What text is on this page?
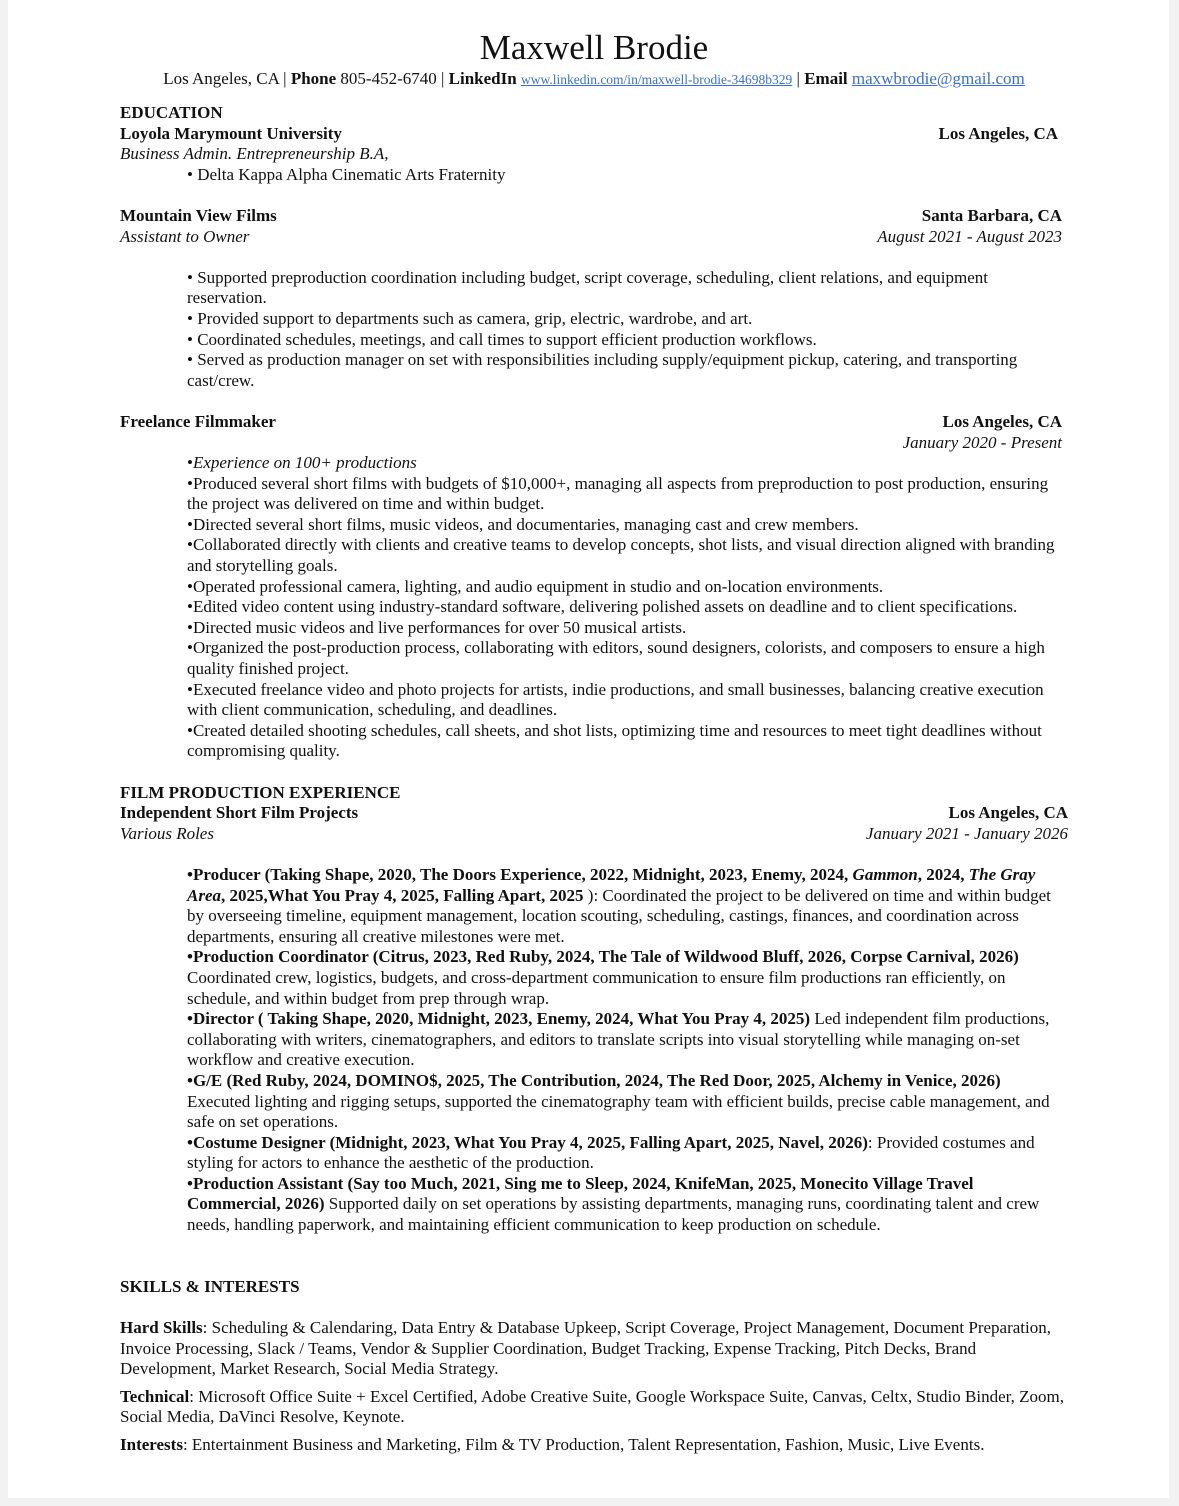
Maxwell Brodie
Los Angeles, CA | Phone 805-452-6740 | LinkedIn www.linkedin.com/in/maxwell-brodie-34698b329 | Email maxwbrodie@gmail.com
EDUCATION
Loyola Marymount University	Los Angeles, CA
Business Admin. Entrepreneurship B.A,
• Delta Kappa Alpha Cinematic Arts Fraternity
Mountain View Films	Santa Barbara, CA
Assistant to Owner	August 2021 - August 2023
• Supported preproduction coordination including budget, script coverage, scheduling, client relations, and equipment reservation.
• Provided support to departments such as camera, grip, electric, wardrobe, and art.
• Coordinated schedules, meetings, and call times to support efficient production workflows.
• Served as production manager on set with responsibilities including supply/equipment pickup, catering, and transporting cast/crew.
Freelance Filmmaker	Los Angeles, CA
January 2020 - Present
•Experience on 100+ productions
•Produced several short films with budgets of $10,000+, managing all aspects from preproduction to post production, ensuring the project was delivered on time and within budget.
•Directed several short films, music videos, and documentaries, managing cast and crew members.
•Collaborated directly with clients and creative teams to develop concepts, shot lists, and visual direction aligned with branding and storytelling goals.
•Operated professional camera, lighting, and audio equipment in studio and on-location environments.
•Edited video content using industry-standard software, delivering polished assets on deadline and to client specifications.
•Directed music videos and live performances for over 50 musical artists.
•Organized the post-production process, collaborating with editors, sound designers, colorists, and composers to ensure a high quality finished project.
•Executed freelance video and photo projects for artists, indie productions, and small businesses, balancing creative execution with client communication, scheduling, and deadlines.
•Created detailed shooting schedules, call sheets, and shot lists, optimizing time and resources to meet tight deadlines without compromising quality.
FILM PRODUCTION EXPERIENCE
Independent Short Film Projects	Los Angeles, CA
Various Roles	January 2021 - January 2026
•Producer (Taking Shape, 2020, The Doors Experience, 2022, Midnight, 2023, Enemy, 2024, Gammon, 2024, The Gray Area, 2025,What You Pray 4, 2025, Falling Apart, 2025 ): Coordinated the project to be delivered on time and within budget by overseeing timeline, equipment management, location scouting, scheduling, castings, finances, and coordination across departments, ensuring all creative milestones were met.
•Production Coordinator (Citrus, 2023, Red Ruby, 2024, The Tale of Wildwood Bluff, 2026, Corpse Carnival, 2026) Coordinated crew, logistics, budgets, and cross-department communication to ensure film productions ran efficiently, on schedule, and within budget from prep through wrap.
•Director ( Taking Shape, 2020, Midnight, 2023, Enemy, 2024, What You Pray 4, 2025) Led independent film productions, collaborating with writers, cinematographers, and editors to translate scripts into visual storytelling while managing on-set workflow and creative execution.
•G/E (Red Ruby, 2024, DOMINO$, 2025, The Contribution, 2024, The Red Door, 2025, Alchemy in Venice, 2026) Executed lighting and rigging setups, supported the cinematography team with efficient builds, precise cable management, and safe on set operations.
•Costume Designer (Midnight, 2023, What You Pray 4, 2025, Falling Apart, 2025, Navel, 2026): Provided costumes and styling for actors to enhance the aesthetic of the production.
•Production Assistant (Say too Much, 2021, Sing me to Sleep, 2024, KnifeMan, 2025, Monecito Village Travel Commercial, 2026) Supported daily on set operations by assisting departments, managing runs, coordinating talent and crew needs, handling paperwork, and maintaining efficient communication to keep production on schedule.
SKILLS & INTERESTS
Hard Skills: Scheduling & Calendaring, Data Entry & Database Upkeep, Script Coverage, Project Management, Document Preparation, Invoice Processing, Slack / Teams, Vendor & Supplier Coordination, Budget Tracking, Expense Tracking, Pitch Decks, Brand Development, Market Research, Social Media Strategy.
Technical: Microsoft Office Suite + Excel Certified, Adobe Creative Suite, Google Workspace Suite, Canvas, Celtx, Studio Binder, Zoom, Social Media, DaVinci Resolve, Keynote.
Interests: Entertainment Business and Marketing, Film & TV Production, Talent Representation, Fashion, Music, Live Events.
